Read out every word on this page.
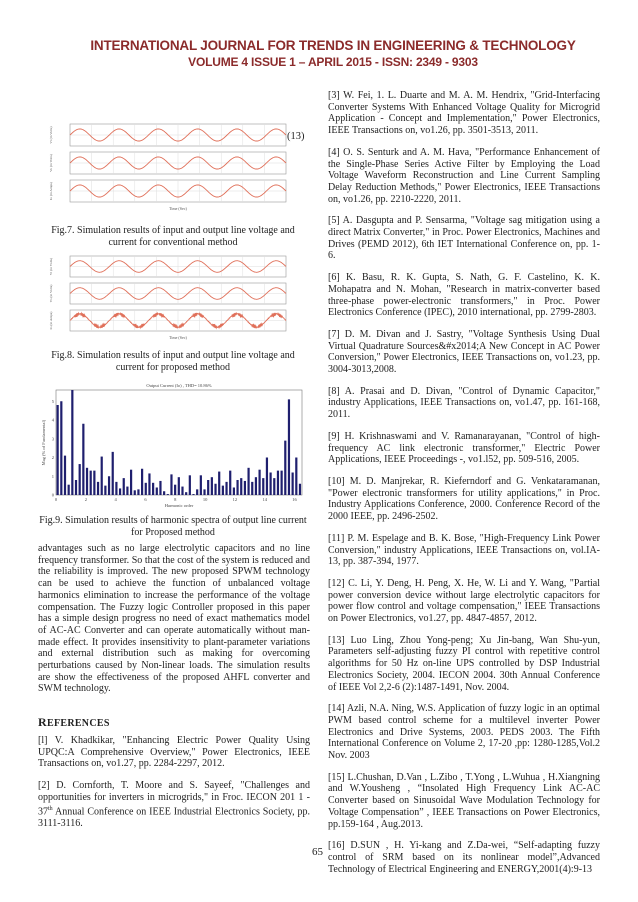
INTERNATIONAL JOURNAL FOR TRENDS IN ENGINEERING & TECHNOLOGY
VOLUME 4 ISSUE 1 – APRIL 2015 - ISSN: 2349 - 9303
Vi (in Volts)
Vo (in Volts)
Io (in Amps)
Time (Sec)
(13)
Fig.7. Simulation results of input and output line voltage and current for conventional method
Vi (in Volts)
Vo (in Volts)
Io (in Amps)
Time (Sec)
Fig.8. Simulation results of input and output line voltage and current for proposed method
Output Current (Io) , THD= 10.86%
0	2	4	6	8	10	12	14	16
0
1
2
3
4
5
Harmonic order
Mag (% of Fundamental)
Fig.9. Simulation results of harmonic spectra of output line current for Proposed method
advantages such as no large electrolytic capacitors and no line frequency transformer. So that the cost of the system is reduced and the reliability is improved. The new proposed SPWM technology can be used to achieve the function of unbalanced voltage harmonics elimination to increase the performance of the voltage compensation. The Fuzzy logic Controller proposed in this paper has a simple design progress no need of exact mathematics model of AC-AC Converter and can operate automatically without man-made effect. It provides insensitivity to plant-parameter variations and external distribution such as making for overcoming perturbations caused by Non-linear loads. The simulation results are show the effectiveness of the proposed AHFL converter and SWM technology.
REFERENCES

[l] V. Khadkikar, "Enhancing Electric Power Quality Using UPQC:A Comprehensive Overview," Power Electronics, IEEE Transactions on, vo1.27, pp. 2284-2297, 2012.

[2] D. Cornforth, T. Moore and S. Sayeef, "Challenges and opportunities for inverters in microgrids," in Froc. IECON 201 1 - 37th Annual Conference on IEEE Industrial Electronics Society, pp. 3111-3116.

[3] W. Fei, 1. L. Duarte and M. A. M. Hendrix, "Grid-Interfacing Converter Systems With Enhanced Voltage Quality for Microgrid Application - Concept and Implementation," Power Electronics, IEEE Transactions on, vo1.26, pp. 3501-3513, 2011.

[4] O. S. Senturk and A. M. Hava, "Performance Enhancement of the Single-Phase Series Active Filter by Employing the Load Voltage Waveform Reconstruction and Line Current Sampling Delay Reduction Methods," Power Electronics, IEEE Transactions on, vo1.26, pp. 2210-2220, 2011.

[5] A. Dasgupta and P. Sensarma, "Voltage sag mitigation using a direct Matrix Converter," in Proc. Power Electronics, Machines and Drives (PEMD 2012), 6th IET International Conference on, pp. 1-6.

[6] K. Basu, R. K. Gupta, S. Nath, G. F. Castelino, K. K. Mohapatra and N. Mohan, "Research in matrix-converter based three-phase power-electronic transformers," in Proc. Power Electronics Conference (IPEC), 2010 international, pp. 2799-2803.

[7] D. M. Divan and J. Sastry, "Voltage Synthesis Using Dual Virtual Quadrature Sources&#x2014;A New Concept in AC Power Conversion," Power Electronics, IEEE Transactions on, vo1.23, pp. 3004-3013,2008.

[8] A. Prasai and D. Divan, "Control of Dynamic Capacitor," industry Applications, IEEE Transactions on, vo1.47, pp. 161-168, 2011.

[9] H. Krishnaswami and V. Ramanarayanan, "Control of high-frequency AC link electronic transformer," Electric Power Applications, IEEE Proceedings -, vo1.l52, pp. 509-516, 2005.

[10] M. D. Manjrekar, R. Kieferndorf and G. Venkataramanan, "Power electronic transformers for utility applications," in Proc. Industry Applications Conference, 2000. Conference Record of the 2000 IEEE, pp. 2496-2502.

[11] P. M. Espelage and B. K. Bose, "High-Frequency Link Power Conversion," industry Applications, IEEE Transactions on, vol.IA-13, pp. 387-394, 1977.

[12] C. Li, Y. Deng, H. Peng, X. He, W. Li and Y. Wang, "Partial power conversion device without large electrolytic capacitors for power flow control and voltage compensation," IEEE Transactions on Power Electronics, vo1.27, pp. 4847-4857, 2012.

[13] Luo Ling, Zhou Yong-peng; Xu Jin-bang, Wan Shu-yun, Parameters self-adjusting fuzzy PI control with repetitive control algorithms for 50 Hz on-line UPS controlled by DSP Industrial Electronics Society, 2004. IECON 2004. 30th Annual Conference of IEEE Vol 2,2-6 (2):1487-1491, Nov. 2004.

[14] Azli, N.A. Ning, W.S. Application of fuzzy logic in an optimal PWM based control scheme for a multilevel inverter Power Electronics and Drive Systems, 2003. PEDS 2003. The Fifth International Conference on Volume 2, 17-20 ,pp: 1280-1285,Vol.2 Nov. 2003

[15] L.Chushan, D.Van , L.Zibo , T.Yong , L.Wuhua , H.Xiangning and W.Yousheng , “Insolated High Frequency Link AC-AC Converter based on Sinusoidal Wave Modulation Technology for Voltage Compensation” , IEEE Transactions on Power Electronics, pp.159-164 , Aug.2013.

[16] D.SUN , H. Yi-kang and Z.Da-wei, “Self-adapting fuzzy control of SRM based on its nonlinear model”,Advanced Technology of Electrical Engineering and ENERGY,2001(4):9-13

65
